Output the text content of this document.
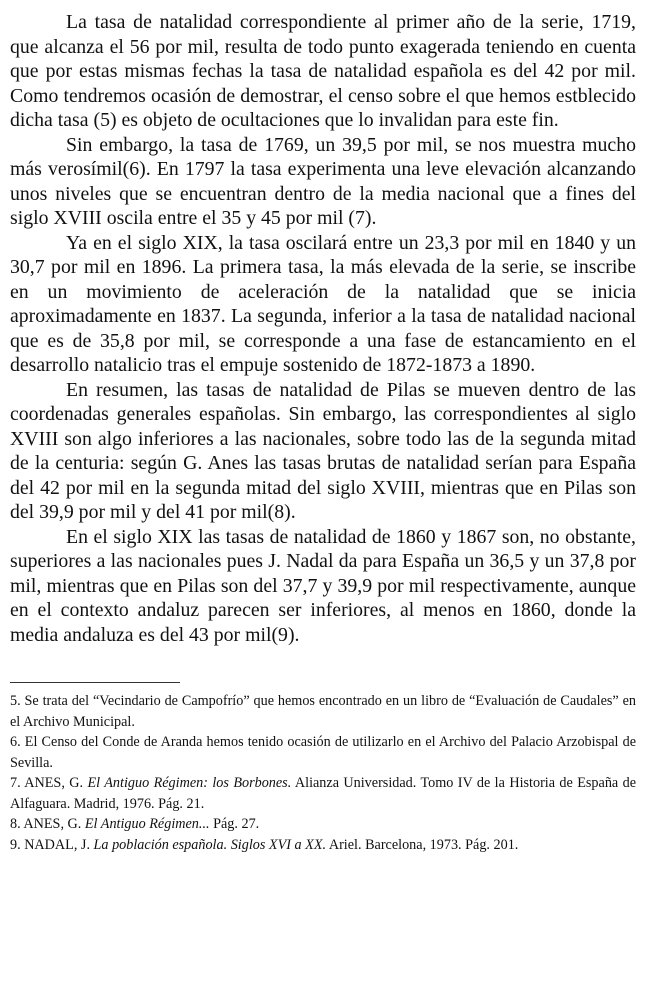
La tasa de natalidad correspondiente al primer año de la serie, 1719, que alcanza el 56 por mil, resulta de todo punto exagerada teniendo en cuenta que por estas mismas fechas la tasa de natalidad española es del 42 por mil. Como tendremos ocasión de demostrar, el censo sobre el que hemos estblecido dicha tasa (5) es objeto de ocultaciones que lo invalidan para este fin.

Sin embargo, la tasa de 1769, un 39,5 por mil, se nos muestra mucho más verosímil(6). En 1797 la tasa experimenta una leve elevación alcanzando unos niveles que se encuentran dentro de la media nacional que a fines del siglo XVIII oscila entre el 35 y 45 por mil (7).

Ya en el siglo XIX, la tasa oscilará entre un 23,3 por mil en 1840 y un 30,7 por mil en 1896. La primera tasa, la más elevada de la serie, se inscribe en un movimiento de aceleración de la natalidad que se inicia aproximadamente en 1837. La segunda, inferior a la tasa de natalidad nacional que es de 35,8 por mil, se corresponde a una fase de estancamiento en el desarrollo natalicio tras el empuje sostenido de 1872-1873 a 1890.

En resumen, las tasas de natalidad de Pilas se mueven dentro de las coordenadas generales españolas. Sin embargo, las correspondientes al siglo XVIII son algo inferiores a las nacionales, sobre todo las de la segunda mitad de la centuria: según G. Anes las tasas brutas de natalidad serían para España del 42 por mil en la segunda mitad del siglo XVIII, mientras que en Pilas son del 39,9 por mil y del 41 por mil(8).

En el siglo XIX las tasas de natalidad de 1860 y 1867 son, no obstante, superiores a las nacionales pues J. Nadal da para España un 36,5 y un 37,8 por mil, mientras que en Pilas son del 37,7 y 39,9 por mil respectivamente, aunque en el contexto andaluz parecen ser inferiores, al menos en 1860, donde la media andaluza es del 43 por mil(9).

5. Se trata del “Vecindario de Campofrío” que hemos encontrado en un libro de “Evaluación de Caudales” en el Archivo Municipal.

6. El Censo del Conde de Aranda hemos tenido ocasión de utilizarlo en el Archivo del Palacio Arzobispal de Sevilla.

7. ANES, G. El Antiguo Régimen: los Borbones. Alianza Universidad. Tomo IV de la Historia de España de Alfaguara. Madrid, 1976. Pág. 21.

8. ANES, G. El Antiguo Régimen... Pág. 27.

9. NADAL, J. La población española. Siglos XVI a XX. Ariel. Barcelona, 1973. Pág. 201.
